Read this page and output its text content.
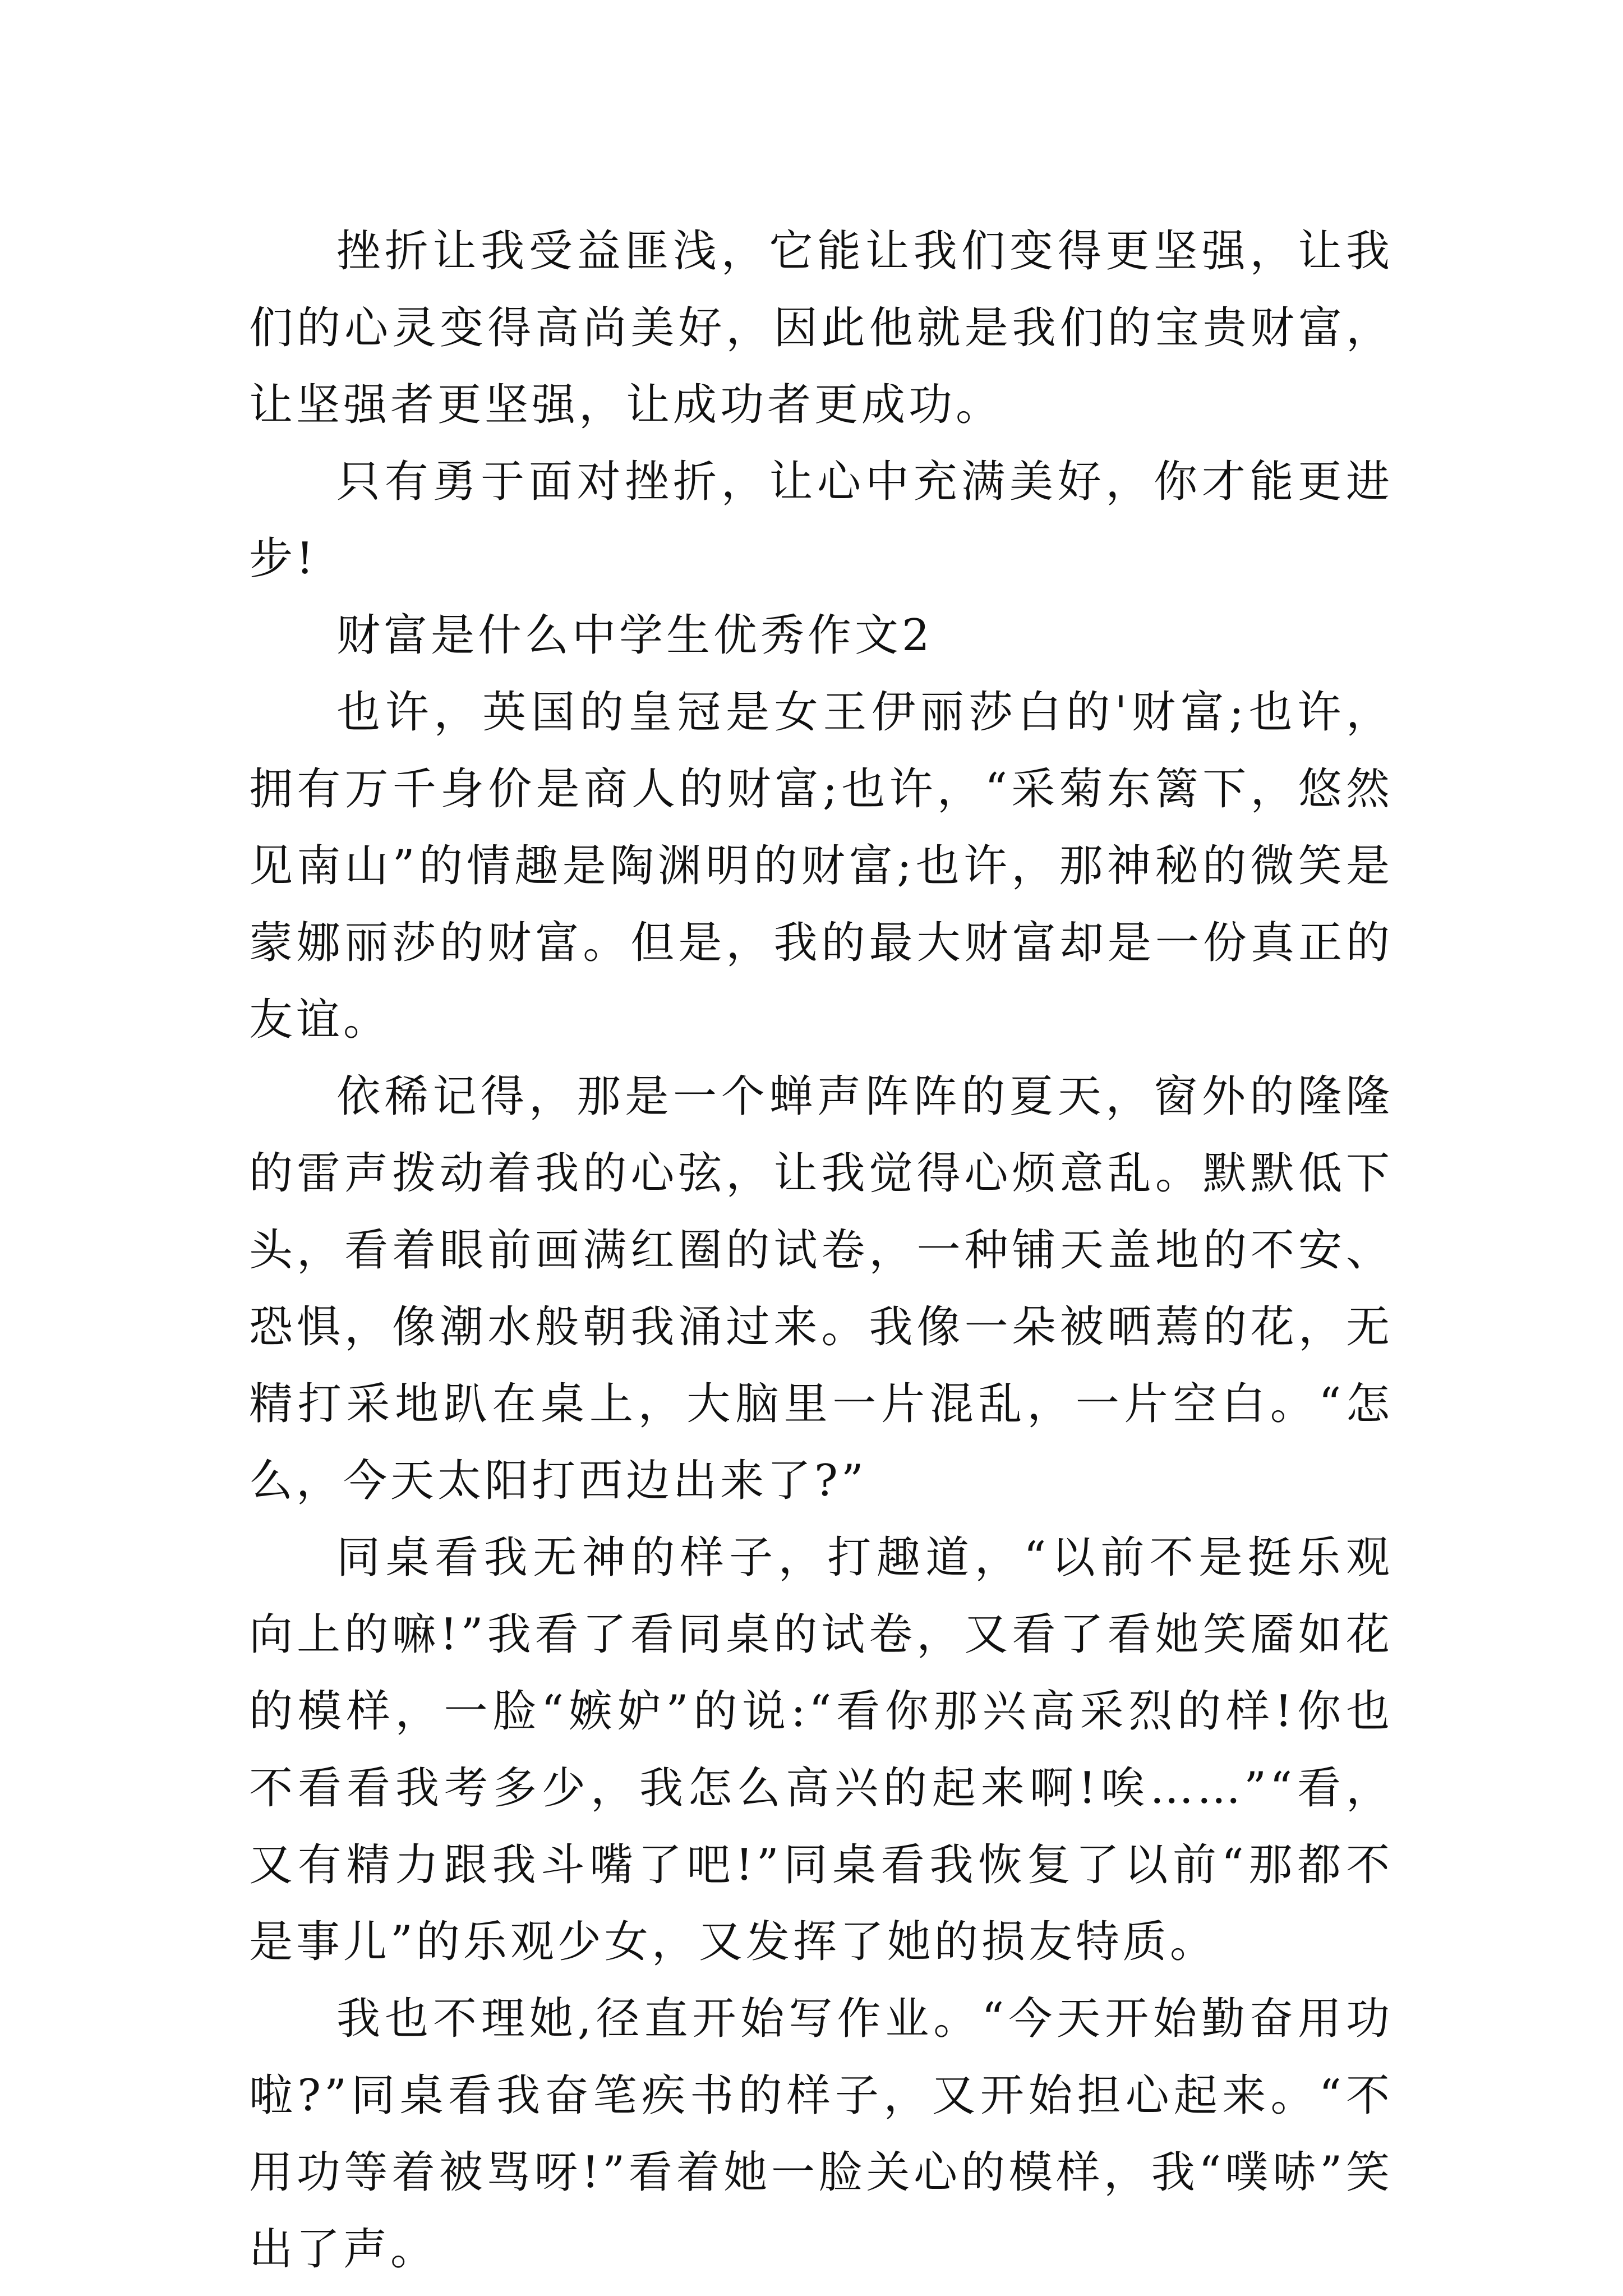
挫折让我受益匪浅，它能让我们变得更坚强，让我们的心灵变得高尚美好，因此他就是我们的宝贵财富，让坚强者更坚强，让成功者更成功。

只有勇于面对挫折，让心中充满美好，你才能更进步!

财富是什么中学生优秀作文2

也许，英国的皇冠是女王伊丽莎白的'财富;也许，拥有万千身价是商人的财富;也许，“采菊东篱下，悠然见南山”的情趣是陶渊明的财富;也许，那神秘的微笑是蒙娜丽莎的财富。但是，我的最大财富却是一份真正的友谊。

依稀记得，那是一个蝉声阵阵的夏天，窗外的隆隆的雷声拨动着我的心弦，让我觉得心烦意乱。默默低下头，看着眼前画满红圈的试卷，一种铺天盖地的不安、恐惧，像潮水般朝我涌过来。我像一朵被晒蔫的花，无精打采地趴在桌上，大脑里一片混乱，一片空白。“怎么，今天太阳打西边出来了?”

同桌看我无神的样子，打趣道，“以前不是挺乐观向上的嘛!”我看了看同桌的试卷，又看了看她笑靥如花的模样，一脸“嫉妒”的说:“看你那兴高采烈的样!你也不看看我考多少，我怎么高兴的起来啊!唉……”“看，又有精力跟我斗嘴了吧!”同桌看我恢复了以前“那都不是事儿”的乐观少女，又发挥了她的损友特质。

我也不理她,径直开始写作业。“今天开始勤奋用功啦?”同桌看我奋笔疾书的样子，又开始担心起来。“不用功等着被骂呀!”看着她一脸关心的模样，我“噗哧”笑出了声。
